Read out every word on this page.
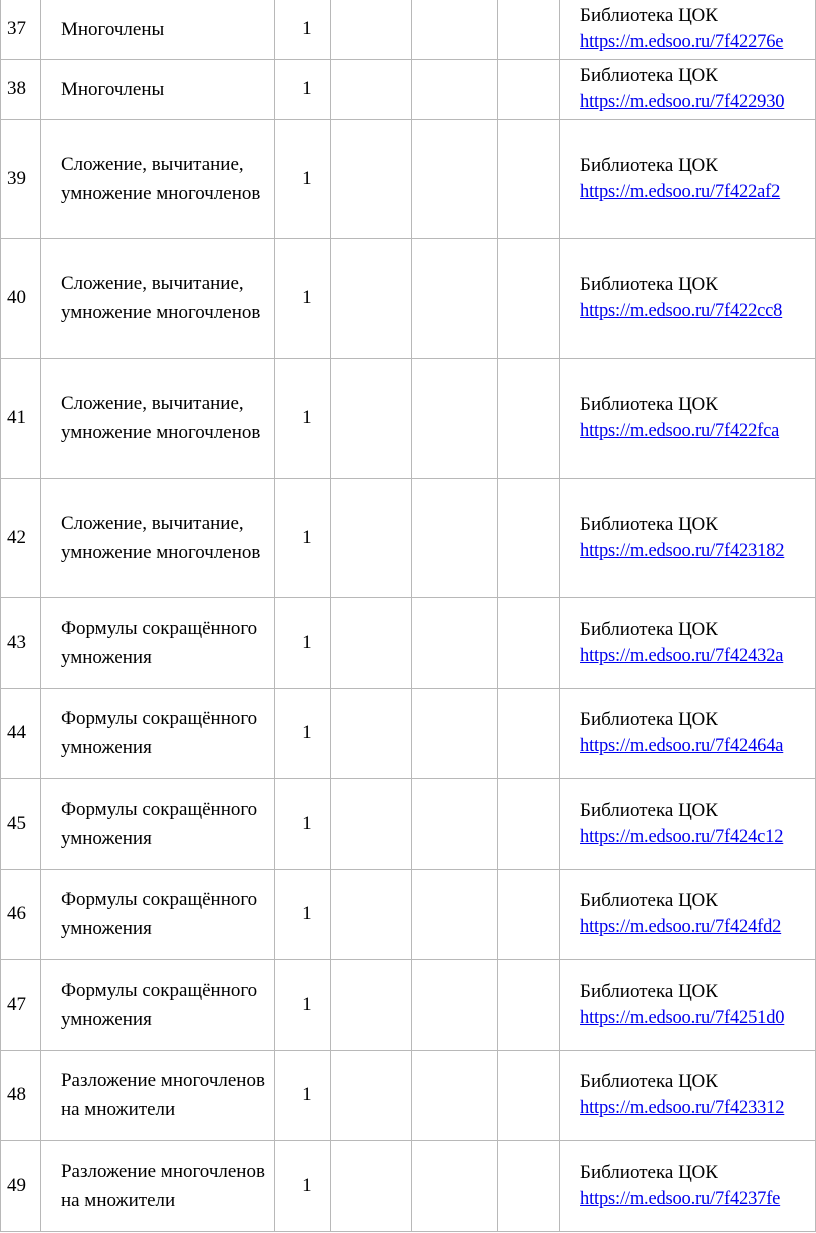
37	Многочлены	1				Библиотека ЦОК
https://m.edsoo.ru/7f42276e

38	Многочлены	1				Библиотека ЦОК
https://m.edsoo.ru/7f422930

39	Сложение, вычитание, умножение многочленов	1				Библиотека ЦОК
https://m.edsoo.ru/7f422af2

40	Сложение, вычитание, умножение многочленов	1				Библиотека ЦОК
https://m.edsoo.ru/7f422cc8

41	Сложение, вычитание, умножение многочленов	1				Библиотека ЦОК
https://m.edsoo.ru/7f422fca

42	Сложение, вычитание, умножение многочленов	1				Библиотека ЦОК
https://m.edsoo.ru/7f423182

43	Формулы сокращённого умножения	1				Библиотека ЦОК
https://m.edsoo.ru/7f42432a

44	Формулы сокращённого умножения	1				Библиотека ЦОК
https://m.edsoo.ru/7f42464a

45	Формулы сокращённого умножения	1				Библиотека ЦОК
https://m.edsoo.ru/7f424c12

46	Формулы сокращённого умножения	1				Библиотека ЦОК
https://m.edsoo.ru/7f424fd2

47	Формулы сокращённого умножения	1				Библиотека ЦОК
https://m.edsoo.ru/7f4251d0

48	Разложение многочленов на множители	1				Библиотека ЦОК
https://m.edsoo.ru/7f423312

49	Разложение многочленов на множители	1				Библиотека ЦОК
https://m.edsoo.ru/7f4237fe
